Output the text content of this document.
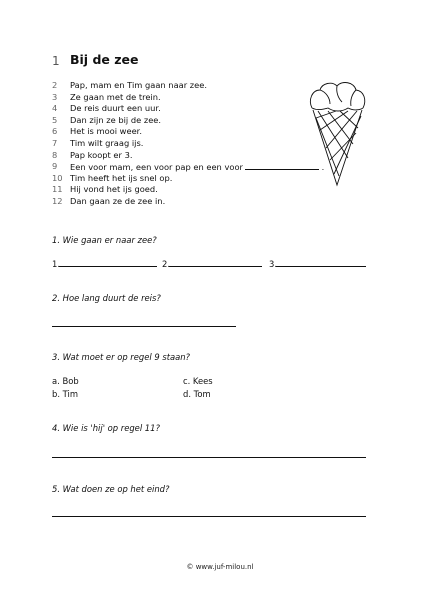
1 Bij de zee
2	Pap, mam en Tim gaan naar zee.
3	Ze gaan met de trein.
4	De reis duurt een uur.
5	Dan zijn ze bij de zee.
6	Het is mooi weer.
7	Tim wilt graag ijs.
8	Pap koopt er 3.
9	Een voor mam, een voor pap en een voor	.
10 Tim heeft het ijs snel op.
11 Hij vond het ijs goed.
12 Dan gaan ze de zee in.
1. Wie gaan er naar zee?
1.	2.	3.
2. Hoe lang duurt de reis?
3. Wat moet er op regel 9 staan?
a. Bob
b. Tim
c. Kees
d. Tom
4. Wie is 'hij' op regel 11?
5. Wat doen ze op het eind?
© www.juf-milou.nl
